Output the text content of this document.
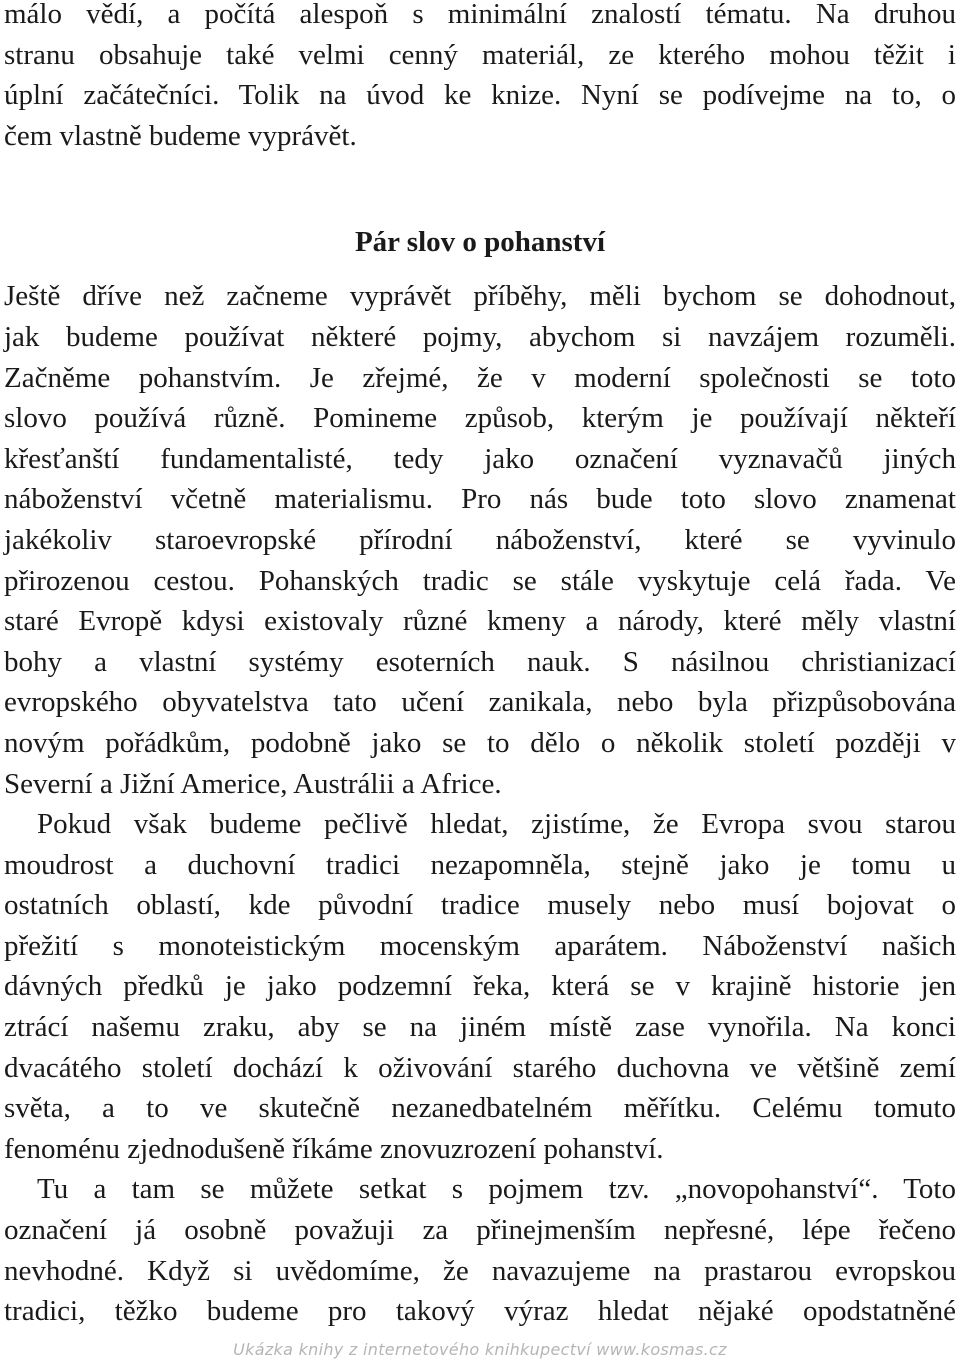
málo vědí, a počítá alespoň s minimální znalostí tématu. Na druhou
stranu obsahuje také velmi cenný materiál, ze kterého mohou těžit i
úplní začátečníci. Tolik na úvod ke knize. Nyní se podívejme na to, o
čem vlastně budeme vyprávět.
Pár slov o pohanství
Ještě dříve než začneme vyprávět příběhy, měli bychom se dohodnout,
jak budeme používat některé pojmy, abychom si navzájem rozuměli.
Začněme pohanstvím. Je zřejmé, že v moderní společnosti se toto
slovo používá různě. Pomineme způsob, kterým je používají někteří
křesťanští fundamentalisté, tedy jako označení vyznavačů jiných
náboženství včetně materialismu. Pro nás bude toto slovo znamenat
jakékoliv staroevropské přírodní náboženství, které se vyvinulo
přirozenou cestou. Pohanských tradic se stále vyskytuje celá řada. Ve
staré Evropě kdysi existovaly různé kmeny a národy, které měly vlastní
bohy a vlastní systémy esoterních nauk. S násilnou christianizací
evropského obyvatelstva tato učení zanikala, nebo byla přizpůsobována
novým pořádkům, podobně jako se to dělo o několik století později v
Severní a Jižní Americe, Austrálii a Africe.
Pokud však budeme pečlivě hledat, zjistíme, že Evropa svou starou
moudrost a duchovní tradici nezapomněla, stejně jako je tomu u
ostatních oblastí, kde původní tradice musely nebo musí bojovat o
přežití s monoteistickým mocenským aparátem. Náboženství našich
dávných předků je jako podzemní řeka, která se v krajině historie jen
ztrácí našemu zraku, aby se na jiném místě zase vynořila. Na konci
dvacátého století dochází k oživování starého duchovna ve většině zemí
světa, a to ve skutečně nezanedbatelném měřítku. Celému tomuto
fenoménu zjednodušeně říkáme znovuzrození pohanství.
Tu a tam se můžete setkat s pojmem tzv. „novopohanství“. Toto
označení já osobně považuji za přinejmenším nepřesné, lépe řečeno
nevhodné. Když si uvědomíme, že navazujeme na prastarou evropskou
tradici, těžko budeme pro takový výraz hledat nějaké opodstatněné
Ukázka knihy z internetového knihkupectví www.kosmas.cz
